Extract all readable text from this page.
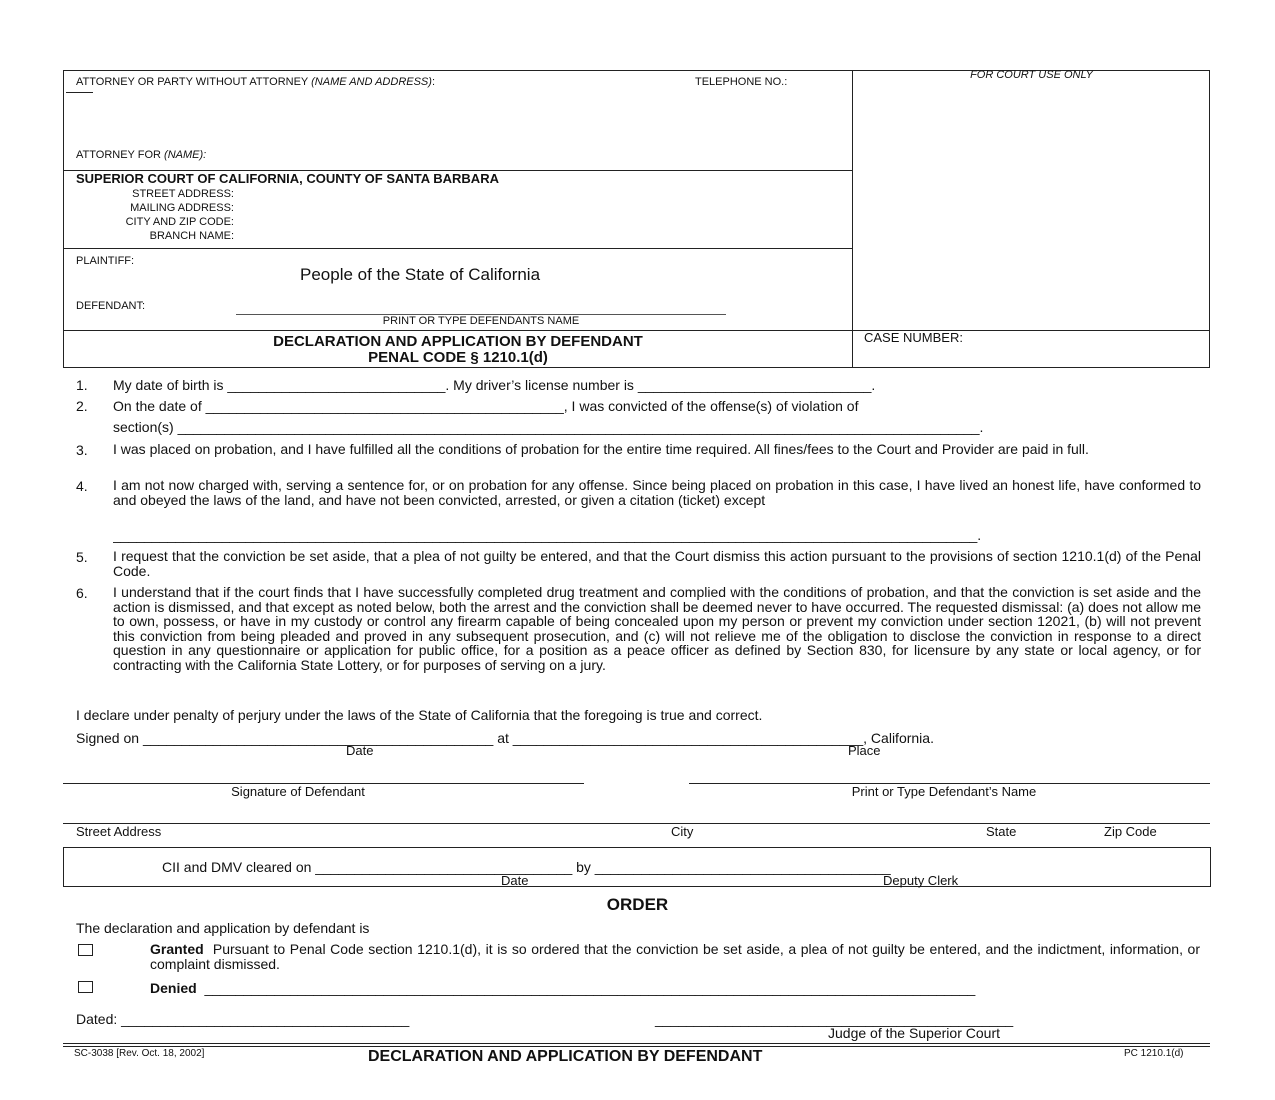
ATTORNEY OR PARTY WITHOUT ATTORNEY (NAME AND ADDRESS):	TELEPHONE NO.:
FOR COURT USE ONLY
ATTORNEY FOR (NAME):
SUPERIOR COURT OF CALIFORNIA, COUNTY OF SANTA BARBARA
STREET ADDRESS:
MAILING ADDRESS:
CITY AND ZIP CODE:
BRANCH NAME:
PLAINTIFF:
People of the State of California
DEFENDANT:
PRINT OR TYPE DEFENDANTS NAME
DECLARATION AND APPLICATION BY DEFENDANT
PENAL CODE § 1210.1(d)
CASE NUMBER:
1. My date of birth is ____________________________. My driver’s license number is ______________________________.
2. On the date of ______________________________________________, I was convicted of the offense(s) of violation of
section(s) _______________________________________________________________________________________________________.
3. I was placed on probation, and I have fulfilled all the conditions of probation for the entire time required. All fines/fees to the Court and Provider are paid in full.
4. I am not now charged with, serving a sentence for, or on probation for any offense. Since being placed on probation in this case, I have lived an honest life, have conformed to and obeyed the laws of the land, and have not been convicted, arrested, or given a citation (ticket) except
_______________________________________________________________________________________________________________.
5. I request that the conviction be set aside, that a plea of not guilty be entered, and that the Court dismiss this action pursuant to the provisions of section 1210.1(d) of the Penal Code.
6. I understand that if the court finds that I have successfully completed drug treatment and complied with the conditions of probation, and that the conviction is set aside and the action is dismissed, and that except as noted below, both the arrest and the conviction shall be deemed never to have occurred. The requested dismissal: (a) does not allow me to own, possess, or have in my custody or control any firearm capable of being concealed upon my person or prevent my conviction under section 12021, (b) will not prevent this conviction from being pleaded and proved in any subsequent prosecution, and (c) will not relieve me of the obligation to disclose the conviction in response to a direct question in any questionnaire or application for public office, for a position as a peace officer as defined by Section 830, for licensure by any state or local agency, or for contracting with the California State Lottery, or for purposes of serving on a jury.
I declare under penalty of perjury under the laws of the State of California that the foregoing is true and correct.
Signed on _____________________________________________ at _____________________________________________, California.
Date	Place
Signature of Defendant	Print or Type Defendant’s Name
Street Address	City	State	Zip Code
CII and DMV cleared on _________________________________ by ______________________________________
Date	Deputy Clerk
ORDER
The declaration and application by defendant is
Granted Pursuant to Penal Code section 1210.1(d), it is so ordered that the conviction be set aside, a plea of not guilty be entered, and the indictment, information, or complaint dismissed.
Denied ___________________________________________________________________________________________________
Dated: _____________________________________	______________________________________________
Judge of the Superior Court
SC-3038 [Rev. Oct. 18, 2002]	DECLARATION AND APPLICATION BY DEFENDANT	PC 1210.1(d)
